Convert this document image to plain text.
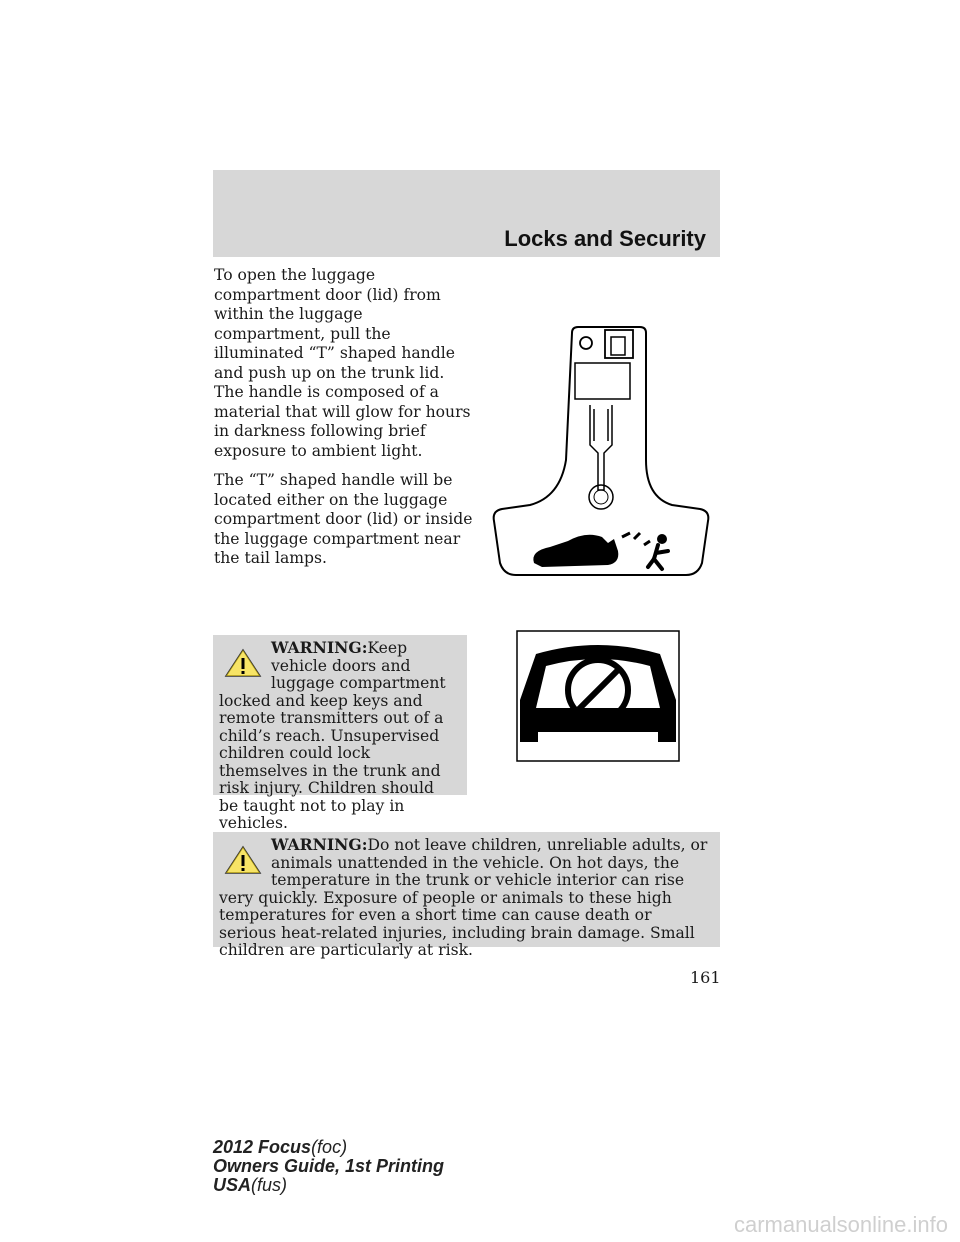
Locks and Security

To open the luggage compartment door (lid) from within the luggage compartment, pull the illuminated “T” shaped handle and push up on the trunk lid. The handle is composed of a material that will glow for hours in darkness following brief exposure to ambient light.

The “T” shaped handle will be located either on the luggage compartment door (lid) or inside the luggage compartment near the tail lamps.

WARNING:Keep vehicle doors and luggage compartment locked and keep keys and remote transmitters out of a child’s reach. Unsupervised children could lock themselves in the trunk and risk injury. Children should be taught not to play in vehicles.
WARNING:Do not leave children, unreliable adults, or animals unattended in the vehicle. On hot days, the temperature in the trunk or vehicle interior can rise very quickly. Exposure of people or animals to these high temperatures for even a short time can cause death or serious heat-related injuries, including brain damage. Small children are particularly at risk.
161
2012 Focus(foc)
Owners Guide, 1st Printing
USA(fus)
carmanualsonline.info
